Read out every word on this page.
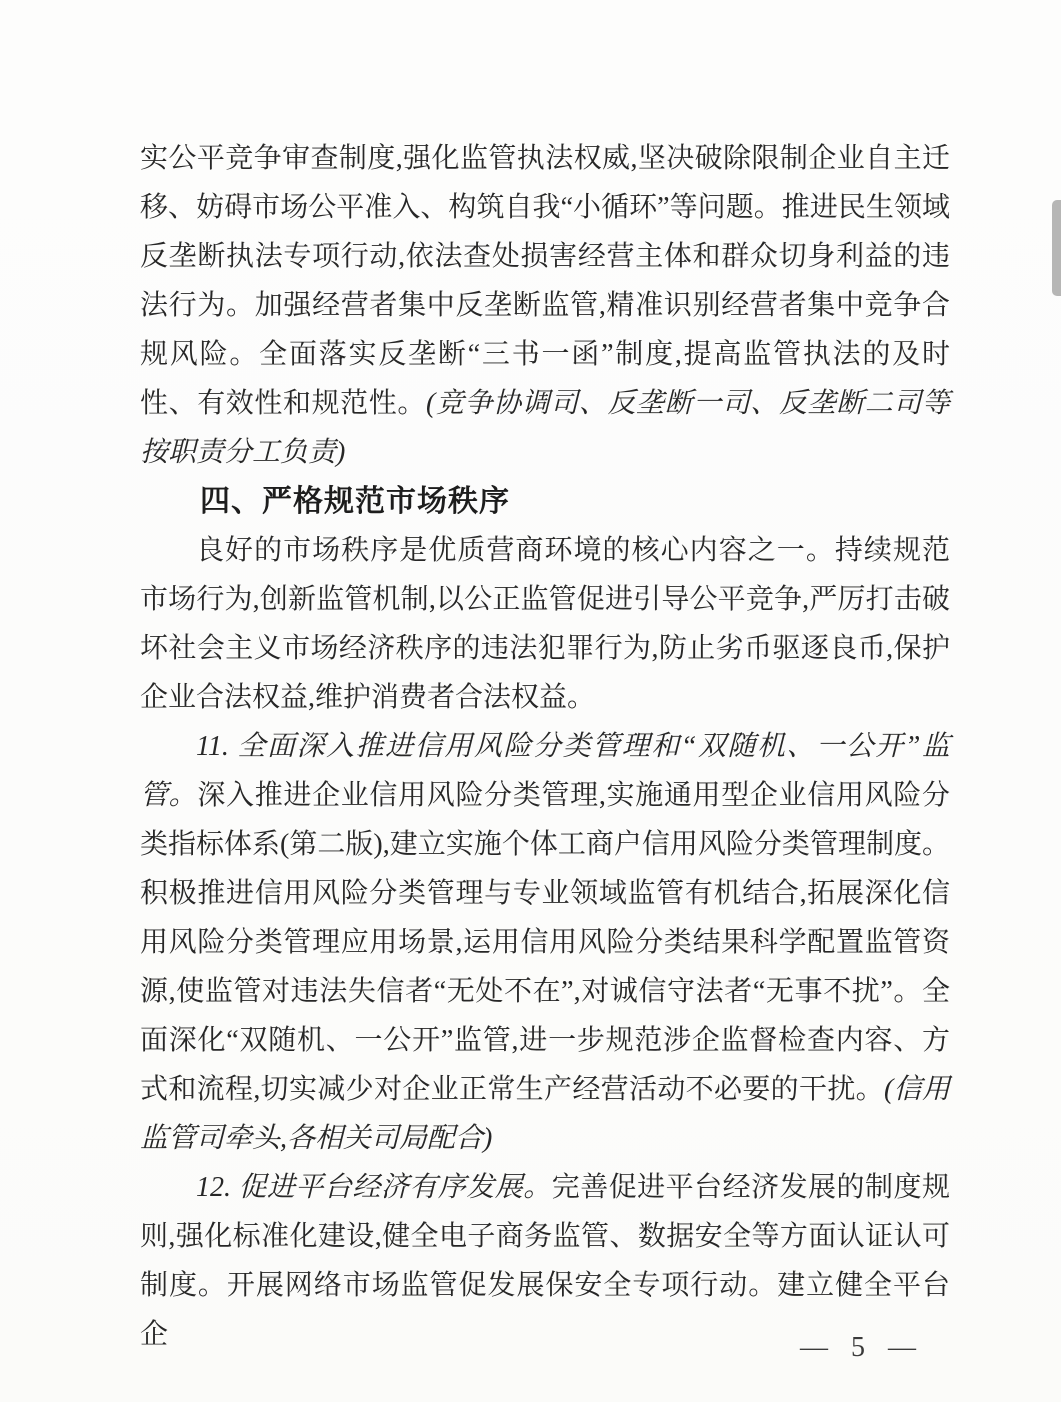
实公平竞争审查制度,强化监管执法权威,坚决破除限制企业自主迁移、妨碍市场公平准入、构筑自我“小循环”等问题。推进民生领域反垄断执法专项行动,依法查处损害经营主体和群众切身利益的违法行为。加强经营者集中反垄断监管,精准识别经营者集中竞争合规风险。全面落实反垄断“三书一函”制度,提高监管执法的及时性、有效性和规范性。(竞争协调司、反垄断一司、反垄断二司等按职责分工负责)

四、严格规范市场秩序

良好的市场秩序是优质营商环境的核心内容之一。持续规范市场行为,创新监管机制,以公正监管促进引导公平竞争,严厉打击破坏社会主义市场经济秩序的违法犯罪行为,防止劣币驱逐良币,保护企业合法权益,维护消费者合法权益。

11. 全面深入推进信用风险分类管理和“双随机、一公开”监管。深入推进企业信用风险分类管理,实施通用型企业信用风险分类指标体系(第二版),建立实施个体工商户信用风险分类管理制度。积极推进信用风险分类管理与专业领域监管有机结合,拓展深化信用风险分类管理应用场景,运用信用风险分类结果科学配置监管资源,使监管对违法失信者“无处不在”,对诚信守法者“无事不扰”。全面深化“双随机、一公开”监管,进一步规范涉企监督检查内容、方式和流程,切实减少对企业正常生产经营活动不必要的干扰。(信用监管司牵头,各相关司局配合)

12. 促进平台经济有序发展。完善促进平台经济发展的制度规则,强化标准化建设,健全电子商务监管、数据安全等方面认证认可制度。开展网络市场监管促发展保安全专项行动。建立健全平台企	— 5 —
